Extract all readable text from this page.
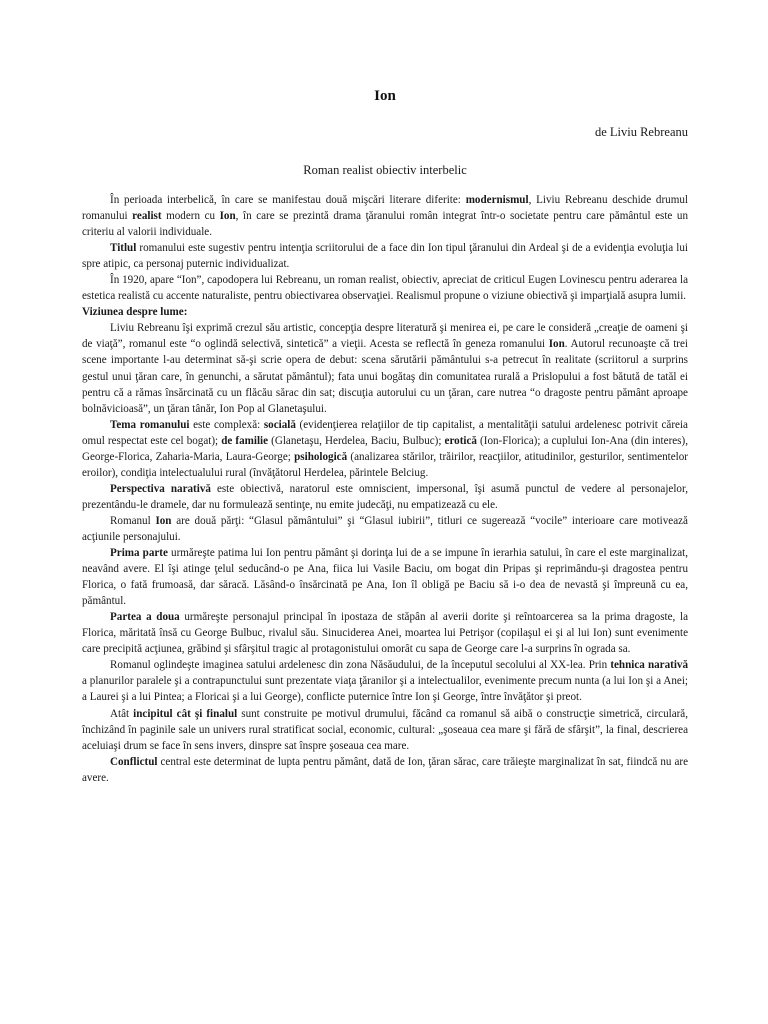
Ion
de Liviu Rebreanu
Roman realist obiectiv interbelic

În perioada interbelică, în care se manifestau două mişcări literare diferite: modernismul, Liviu Rebreanu deschide drumul romanului realist modern cu Ion, în care se prezintă drama ţăranului român integrat într-o societate pentru care pământul este un criteriu al valorii individuale.

Titlul romanului este sugestiv pentru intenţia scriitorului de a face din Ion tipul ţăranului din Ardeal şi de a evidenţia evoluţia lui spre atipic, ca personaj puternic individualizat.

În 1920, apare “Ion”, capodopera lui Rebreanu, un roman realist, obiectiv, apreciat de criticul Eugen Lovinescu pentru aderarea la estetica realistă cu accente naturaliste, pentru obiectivarea observaţiei. Realismul propune o viziune obiectivă şi imparţială asupra lumii.

Viziunea despre lume:

Liviu Rebreanu îşi exprimă crezul său artistic, concepţia despre literatură şi menirea ei, pe care le consideră „creaţie de oameni şi de viaţă”, romanul este “o oglindă selectivă, sintetică” a vieţii. Acesta se reflectă în geneza romanului Ion. Autorul recunoaşte că trei scene importante l-au determinat să-şi scrie opera de debut: scena sărutării pământului s-a petrecut în realitate (scriitorul a surprins gestul unui ţăran care, în genunchi, a sărutat pământul); fata unui bogătaş din comunitatea rurală a Prislopului a fost bătută de tatăl ei pentru că a rămas însărcinată cu un flăcău sărac din sat; discuţia autorului cu un ţăran, care nutrea “o dragoste pentru pământ aproape bolnăvicioasă”, un ţăran tânăr, Ion Pop al Glanetaşului.

Tema romanului este complexă: socială (evidenţierea relaţiilor de tip capitalist, a mentalităţii satului ardelenesc potrivit căreia omul respectat este cel bogat); de familie (Glanetaşu, Herdelea, Baciu, Bulbuc); erotică (Ion-Florica); a cuplului Ion-Ana (din interes), George-Florica, Zaharia-Maria, Laura-George; psihologică (analizarea stărilor, trăirilor, reacţiilor, atitudinilor, gesturilor, sentimentelor eroilor), condiţia intelectualului rural (învăţătorul Herdelea, părintele Belciug.

Perspectiva narativă este obiectivă, naratorul este omniscient, impersonal, îşi asumă punctul de vedere al personajelor, prezentându-le dramele, dar nu formulează sentinţe, nu emite judecăţi, nu empatizează cu ele.

Romanul Ion are două părţi: “Glasul pământului” şi “Glasul iubirii”, titluri ce sugerează “vocile” interioare care motivează acţiunile personajului.

Prima parte urmăreşte patima lui Ion pentru pământ şi dorinţa lui de a se impune în ierarhia satului, în care el este marginalizat, neavând avere. El îşi atinge ţelul seducând-o pe Ana, fiica lui Vasile Baciu, om bogat din Pripas şi reprimându-şi dragostea pentru Florica, o fată frumoasă, dar săracă. Lăsând-o însărcinată pe Ana, Ion îl obligă pe Baciu să i-o dea de nevastă şi împreună cu ea, pământul.

Partea a doua urmăreşte personajul principal în ipostaza de stăpân al averii dorite şi reîntoarcerea sa la prima dragoste, la Florica, măritată însă cu George Bulbuc, rivalul său. Sinuciderea Anei, moartea lui Petrişor (copilaşul ei şi al lui Ion) sunt evenimente care precipită acţiunea, grăbind şi sfârşitul tragic al protagonistului omorât cu sapa de George care l-a surprins în ograda sa.

Romanul oglindeşte imaginea satului ardelenesc din zona Năsăudului, de la începutul secolului al XX-lea. Prin tehnica narativă a planurilor paralele şi a contrapunctului sunt prezentate viaţa ţăranilor şi a intelectualilor, evenimente precum nunta (a lui Ion şi a Anei; a Laurei şi a lui Pintea; a Floricai şi a lui George), conflicte puternice între Ion şi George, între învăţător şi preot.

Atât incipitul cât şi finalul sunt construite pe motivul drumului, făcând ca romanul să aibă o construcţie simetrică, circulară, închizând în paginile sale un univers rural stratificat social, economic, cultural: „şoseaua cea mare şi fără de sfârşit”, la final, descrierea aceluiaşi drum se face în sens invers, dinspre sat înspre şoseaua cea mare.

Conflictul central este determinat de lupta pentru pământ, dată de Ion, ţăran sărac, care trăieşte marginalizat în sat, fiindcă nu are avere.
